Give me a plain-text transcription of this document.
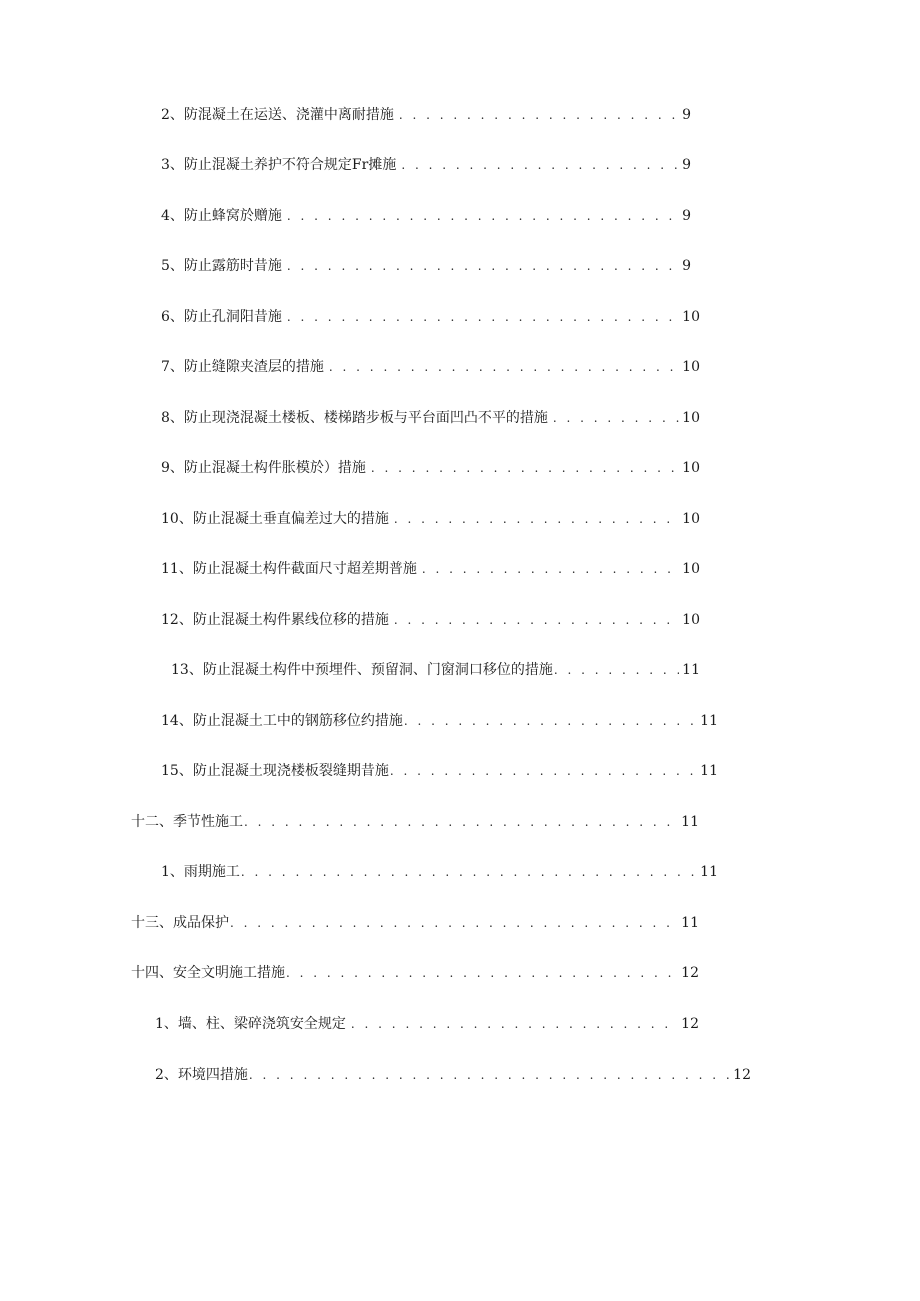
2、防混凝土在运送、浇灌中离耐措施 . . .	9
3、防止混凝土养护不符合规定Fr摊施 . . .	9
4、防止蜂窝於赠施 . . .	9
5、防止露筋时昔施 . . .	9
6、防止孔洞阳昔施 . . .	10
7、防止缝隙夹渣层的措施 . . .	10
8、防止现浇混凝土楼板、楼梯踏步板与平台面凹凸不平的措施 . . .	10
9、防止混凝土构件胀模於）措施 . . .	10
10、防止混凝土垂直偏差过大的措施 . . .	10
11、防止混凝土构件截面尺寸超差期普施 . . .	10
12、防止混凝土构件累线位移的措施 . . .	10
13、防止混凝土构件中预埋件、预留洞、门窗洞口移位的措施 . . .	11
14、防止混凝土工中的钢筋移位约措施 . . .	11
15、防止混凝土现浇楼板裂缝期昔施 . . .	11
十二、季节性施工 . . .	11
1、雨期施工 . . .	11
十三、成品保护 . . .	11
十四、安全文明施工措施 . . .	12
1、墙、柱、梁碎浇筑安全规定 . . .	12
2、环境四措施 . . .	12
